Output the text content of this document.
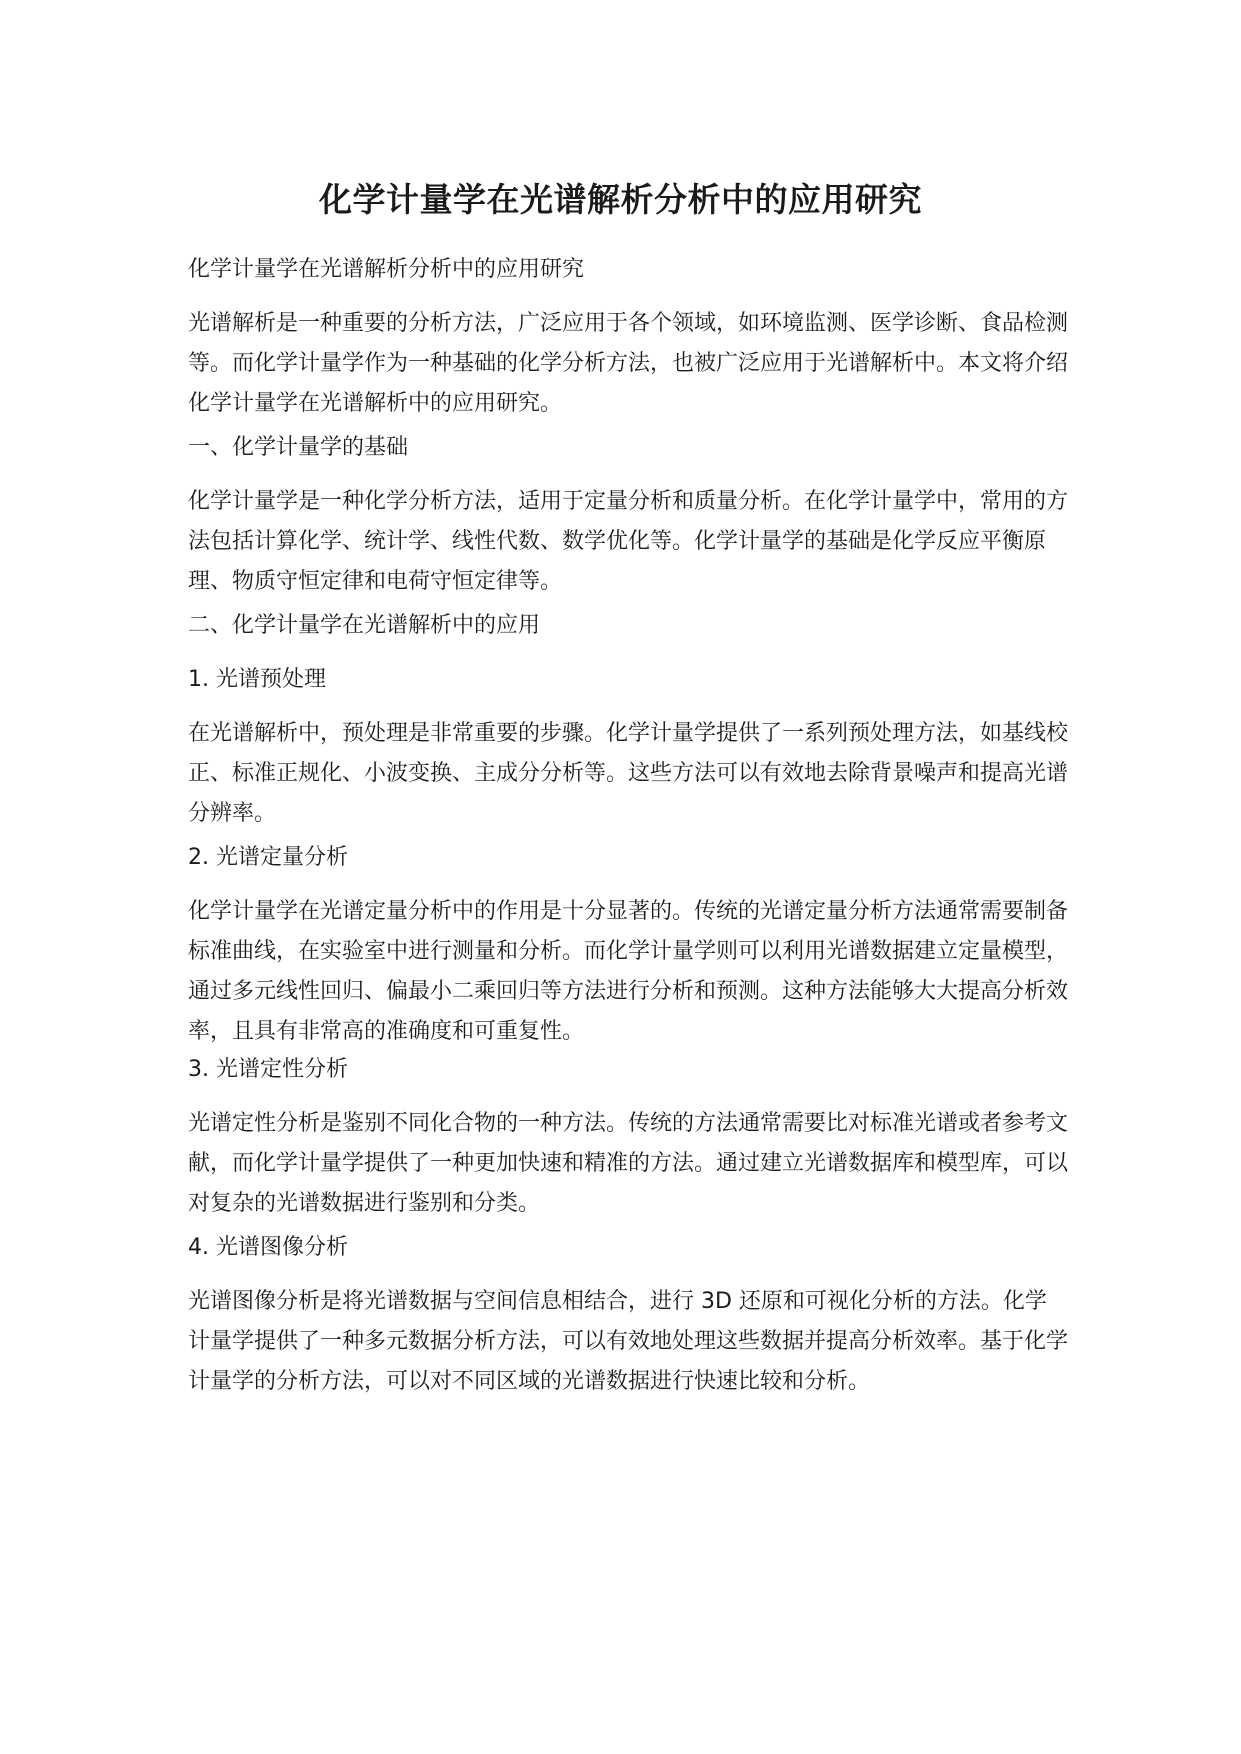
化学计量学在光谱解析分析中的应用研究

化学计量学在光谱解析分析中的应用研究

光谱解析是一种重要的分析方法，广泛应用于各个领域，如环境监测、医学诊断、食品检测等。而化学计量学作为一种基础的化学分析方法，也被广泛应用于光谱解析中。本文将介绍化学计量学在光谱解析中的应用研究。

一、化学计量学的基础

化学计量学是一种化学分析方法，适用于定量分析和质量分析。在化学计量学中，常用的方法包括计算化学、统计学、线性代数、数学优化等。化学计量学的基础是化学反应平衡原理、物质守恒定律和电荷守恒定律等。

二、化学计量学在光谱解析中的应用

1. 光谱预处理

在光谱解析中，预处理是非常重要的步骤。化学计量学提供了一系列预处理方法，如基线校正、标准正规化、小波变换、主成分分析等。这些方法可以有效地去除背景噪声和提高光谱分辨率。

2. 光谱定量分析

化学计量学在光谱定量分析中的作用是十分显著的。传统的光谱定量分析方法通常需要制备标准曲线，在实验室中进行测量和分析。而化学计量学则可以利用光谱数据建立定量模型，通过多元线性回归、偏最小二乘回归等方法进行分析和预测。这种方法能够大大提高分析效率，且具有非常高的准确度和可重复性。

3. 光谱定性分析

光谱定性分析是鉴别不同化合物的一种方法。传统的方法通常需要比对标准光谱或者参考文献，而化学计量学提供了一种更加快速和精准的方法。通过建立光谱数据库和模型库，可以对复杂的光谱数据进行鉴别和分类。

4. 光谱图像分析

光谱图像分析是将光谱数据与空间信息相结合，进行 3D 还原和可视化分析的方法。化学计量学提供了一种多元数据分析方法，可以有效地处理这些数据并提高分析效率。基于化学计量学的分析方法，可以对不同区域的光谱数据进行快速比较和分析。
